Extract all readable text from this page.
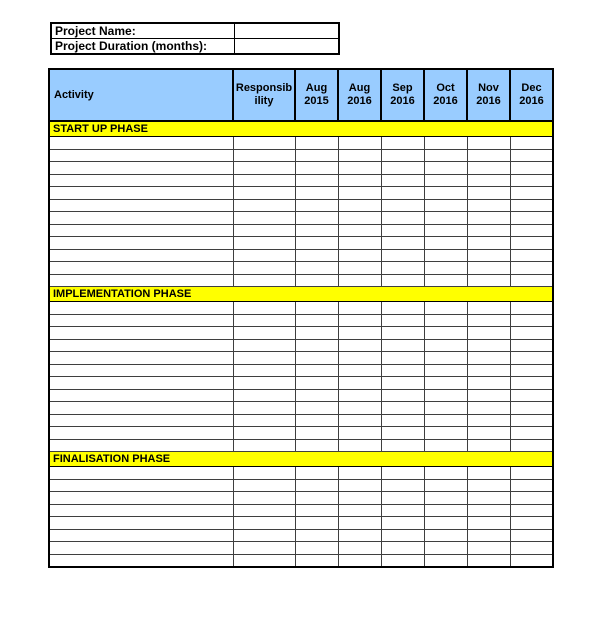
Project Name:	
Project Duration (months):	
Activity	Responsibility	Aug 2015	Aug 2016	Sep 2016	Oct 2016	Nov 2016	Dec 2016
START UP PHASE							

IMPLEMENTATION PHASE							

FINALISATION PHASE							
